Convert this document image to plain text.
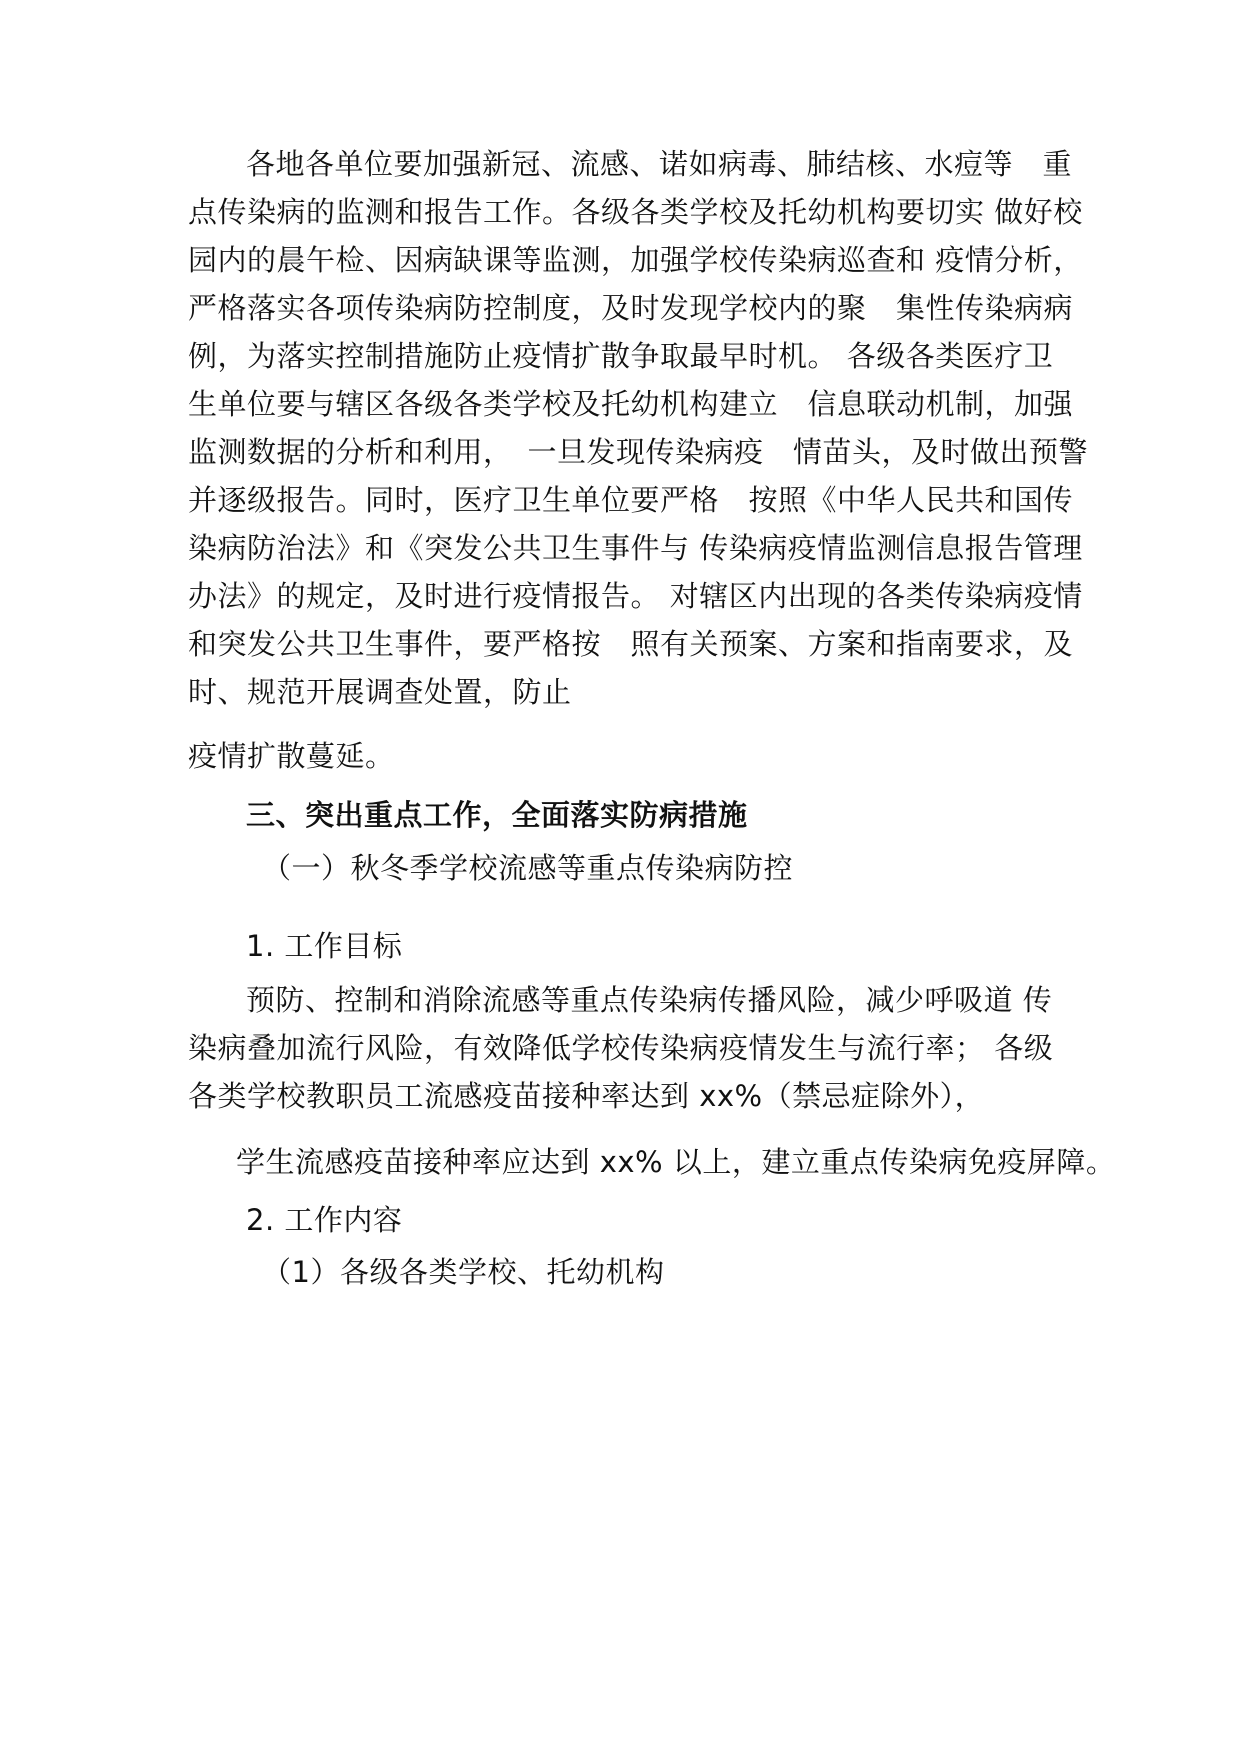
各地各单位要加强新冠、流感、诺如病毒、肺结核、水痘等　重
点传染病的监测和报告工作。各级各类学校及托幼机构要切实 做好校
园内的晨午检、因病缺课等监测，加强学校传染病巡查和 疫情分析，
严格落实各项传染病防控制度，及时发现学校内的聚　集性传染病病
例，为落实控制措施防止疫情扩散争取最早时机。 各级各类医疗卫
生单位要与辖区各级各类学校及托幼机构建立　信息联动机制，加强
监测数据的分析和利用，　一旦发现传染病疫　情苗头，及时做出预警
并逐级报告。同时，医疗卫生单位要严格　按照《中华人民共和国传
染病防治法》和《突发公共卫生事件与 传染病疫情监测信息报告管理
办法》的规定，及时进行疫情报告。 对辖区内出现的各类传染病疫情
和突发公共卫生事件，要严格按　照有关预案、方案和指南要求，及
时、规范开展调查处置，防止
疫情扩散蔓延。
三、突出重点工作，全面落实防病措施
（一）秋冬季学校流感等重点传染病防控
1. 工作目标
预防、控制和消除流感等重点传染病传播风险，减少呼吸道 传
染病叠加流行风险，有效降低学校传染病疫情发生与流行率； 各级
各类学校教职员工流感疫苗接种率达到 xx%（禁忌症除外），
学生流感疫苗接种率应达到 xx% 以上，建立重点传染病免疫屏障。
2. 工作内容
（1）各级各类学校、托幼机构
